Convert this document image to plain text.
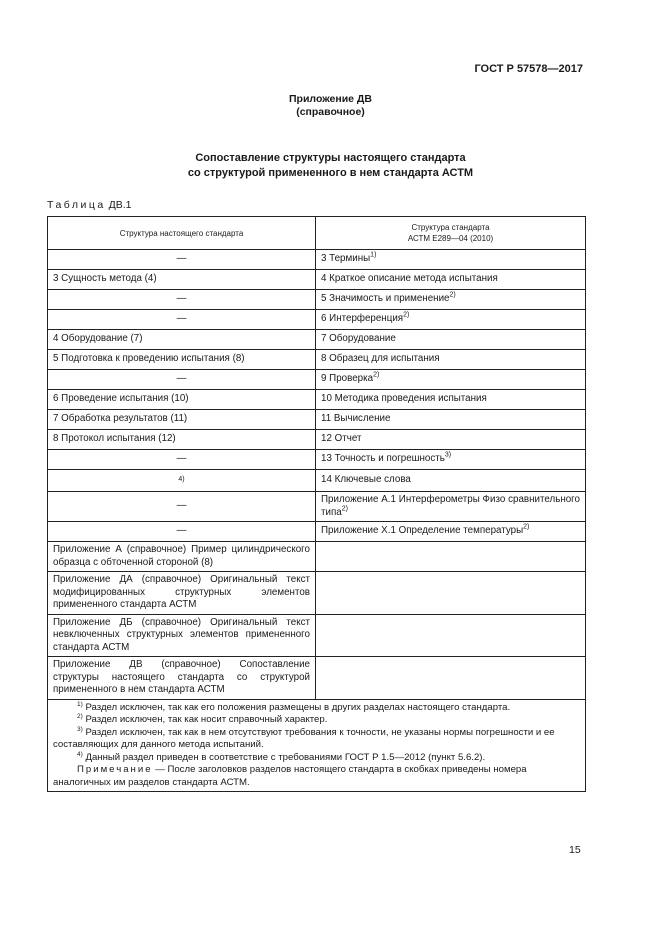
ГОСТ Р 57578—2017
Приложение ДВ
(справочное)
Сопоставление структуры настоящего стандарта
со структурой примененного в нем стандарта АСТМ
Таблица ДВ.1
Структура настоящего стандарта	Структура стандарта
АСТМ Е289—04 (2010)

—	3 Термины$^{1)}$
3 Сущность метода (4)	4 Краткое описание метода испытания
—	5 Значимость и применение$^{2)}$
—	6 Интерференция$^{2)}$
4 Оборудование (7)	7 Оборудование
5 Подготовка к проведению испытания (8)	8 Образец для испытания
—	9 Проверка$^{2)}$
6 Проведение испытания (10)	10 Методика проведения испытания
7 Обработка результатов (11)	11 Вычисление
8 Протокол испытания (12)	12 Отчет
—	13 Точность и погрешность$^{3)}$
4)	14 Ключевые слова
—	Приложение А.1 Интерферометры Физо сравнительного типа$^{2)}$
—	Приложение Х.1 Определение температуры$^{2)}$
Приложение А (справочное) Пример цилиндрического образца с обточенной стороной (8)	
Приложение ДА (справочное) Оригинальный текст модифицированных структурных элементов примененного стандарта АСТМ	
Приложение ДБ (справочное) Оригинальный текст невключенных структурных элементов примененного стандарта АСТМ	
Приложение ДВ (справочное) Сопоставление структуры настоящего стандарта со структурой примененного в нем стандарта АСТМ	

$^{1)}$ Раздел исключен, так как его положения размещены в других разделах настоящего стандарта.

$^{2)}$ Раздел исключен, так как носит справочный характер.

$^{3)}$ Раздел исключен, так как в нем отсутствуют требования к точности, не указаны нормы погрешности и ее составляющих для данного метода испытаний.

$^{4)}$ Данный раздел приведен в соответствие с требованиями ГОСТ Р 1.5—2012 (пункт 5.6.2).

Примечание — После заголовков разделов настоящего стандарта в скобках приведены номера аналогичных им разделов стандарта АСТМ.	

15
